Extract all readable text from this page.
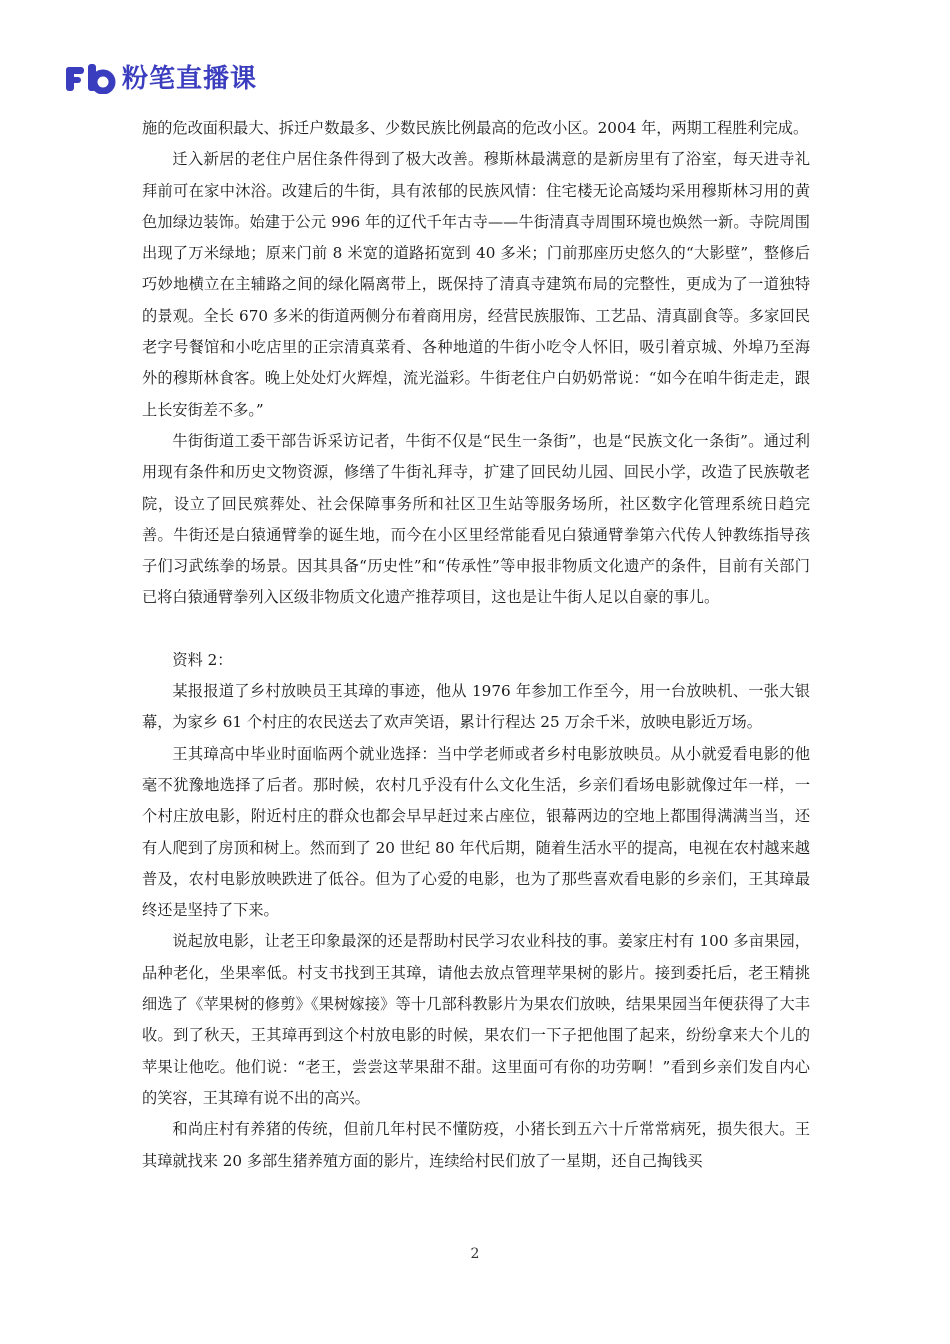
粉笔直播课

施的危改面积最大、拆迁户数最多、少数民族比例最高的危改小区。2004 年，两期工程胜利完成。

迁入新居的老住户居住条件得到了极大改善。穆斯林最满意的是新房里有了浴室，每天进寺礼拜前可在家中沐浴。改建后的牛街，具有浓郁的民族风情：住宅楼无论高矮均采用穆斯林习用的黄色加绿边装饰。始建于公元 996 年的辽代千年古寺——牛街清真寺周围环境也焕然一新。寺院周围出现了万米绿地；原来门前 8 米宽的道路拓宽到 40 多米；门前那座历史悠久的“大影壁”，整修后巧妙地横立在主辅路之间的绿化隔离带上，既保持了清真寺建筑布局的完整性，更成为了一道独特的景观。全长 670 多米的街道两侧分布着商用房，经营民族服饰、工艺品、清真副食等。多家回民老字号餐馆和小吃店里的正宗清真菜肴、各种地道的牛街小吃令人怀旧，吸引着京城、外埠乃至海外的穆斯林食客。晚上处处灯火辉煌，流光溢彩。牛街老住户白奶奶常说：“如今在咱牛街走走，跟上长安街差不多。”

牛街街道工委干部告诉采访记者，牛街不仅是“民生一条街”，也是“民族文化一条街”。通过利用现有条件和历史文物资源，修缮了牛街礼拜寺，扩建了回民幼儿园、回民小学，改造了民族敬老院，设立了回民殡葬处、社会保障事务所和社区卫生站等服务场所，社区数字化管理系统日趋完善。牛街还是白猿通臂拳的诞生地，而今在小区里经常能看见白猿通臂拳第六代传人钟教练指导孩子们习武练拳的场景。因其具备“历史性”和“传承性”等申报非物质文化遗产的条件，目前有关部门已将白猿通臂拳列入区级非物质文化遗产推荐项目，这也是让牛街人足以自豪的事儿。

资料 2：

某报报道了乡村放映员王其璋的事迹，他从 1976 年参加工作至今，用一台放映机、一张大银幕，为家乡 61 个村庄的农民送去了欢声笑语，累计行程达 25 万余千米，放映电影近万场。

王其璋高中毕业时面临两个就业选择：当中学老师或者乡村电影放映员。从小就爱看电影的他毫不犹豫地选择了后者。那时候，农村几乎没有什么文化生活，乡亲们看场电影就像过年一样，一个村庄放电影，附近村庄的群众也都会早早赶过来占座位，银幕两边的空地上都围得满满当当，还有人爬到了房顶和树上。然而到了 20 世纪 80 年代后期，随着生活水平的提高，电视在农村越来越普及，农村电影放映跌进了低谷。但为了心爱的电影，也为了那些喜欢看电影的乡亲们，王其璋最终还是坚持了下来。

说起放电影，让老王印象最深的还是帮助村民学习农业科技的事。姜家庄村有 100 多亩果园，品种老化，坐果率低。村支书找到王其璋，请他去放点管理苹果树的影片。接到委托后，老王精挑细选了《苹果树的修剪》《果树嫁接》等十几部科教影片为果农们放映，结果果园当年便获得了大丰收。到了秋天，王其璋再到这个村放电影的时候，果农们一下子把他围了起来，纷纷拿来大个儿的苹果让他吃。他们说：“老王，尝尝这苹果甜不甜。这里面可有你的功劳啊！”看到乡亲们发自内心的笑容，王其璋有说不出的高兴。

和尚庄村有养猪的传统，但前几年村民不懂防疫，小猪长到五六十斤常常病死，损失很大。王其璋就找来 20 多部生猪养殖方面的影片，连续给村民们放了一星期，还自己掏钱买

2
